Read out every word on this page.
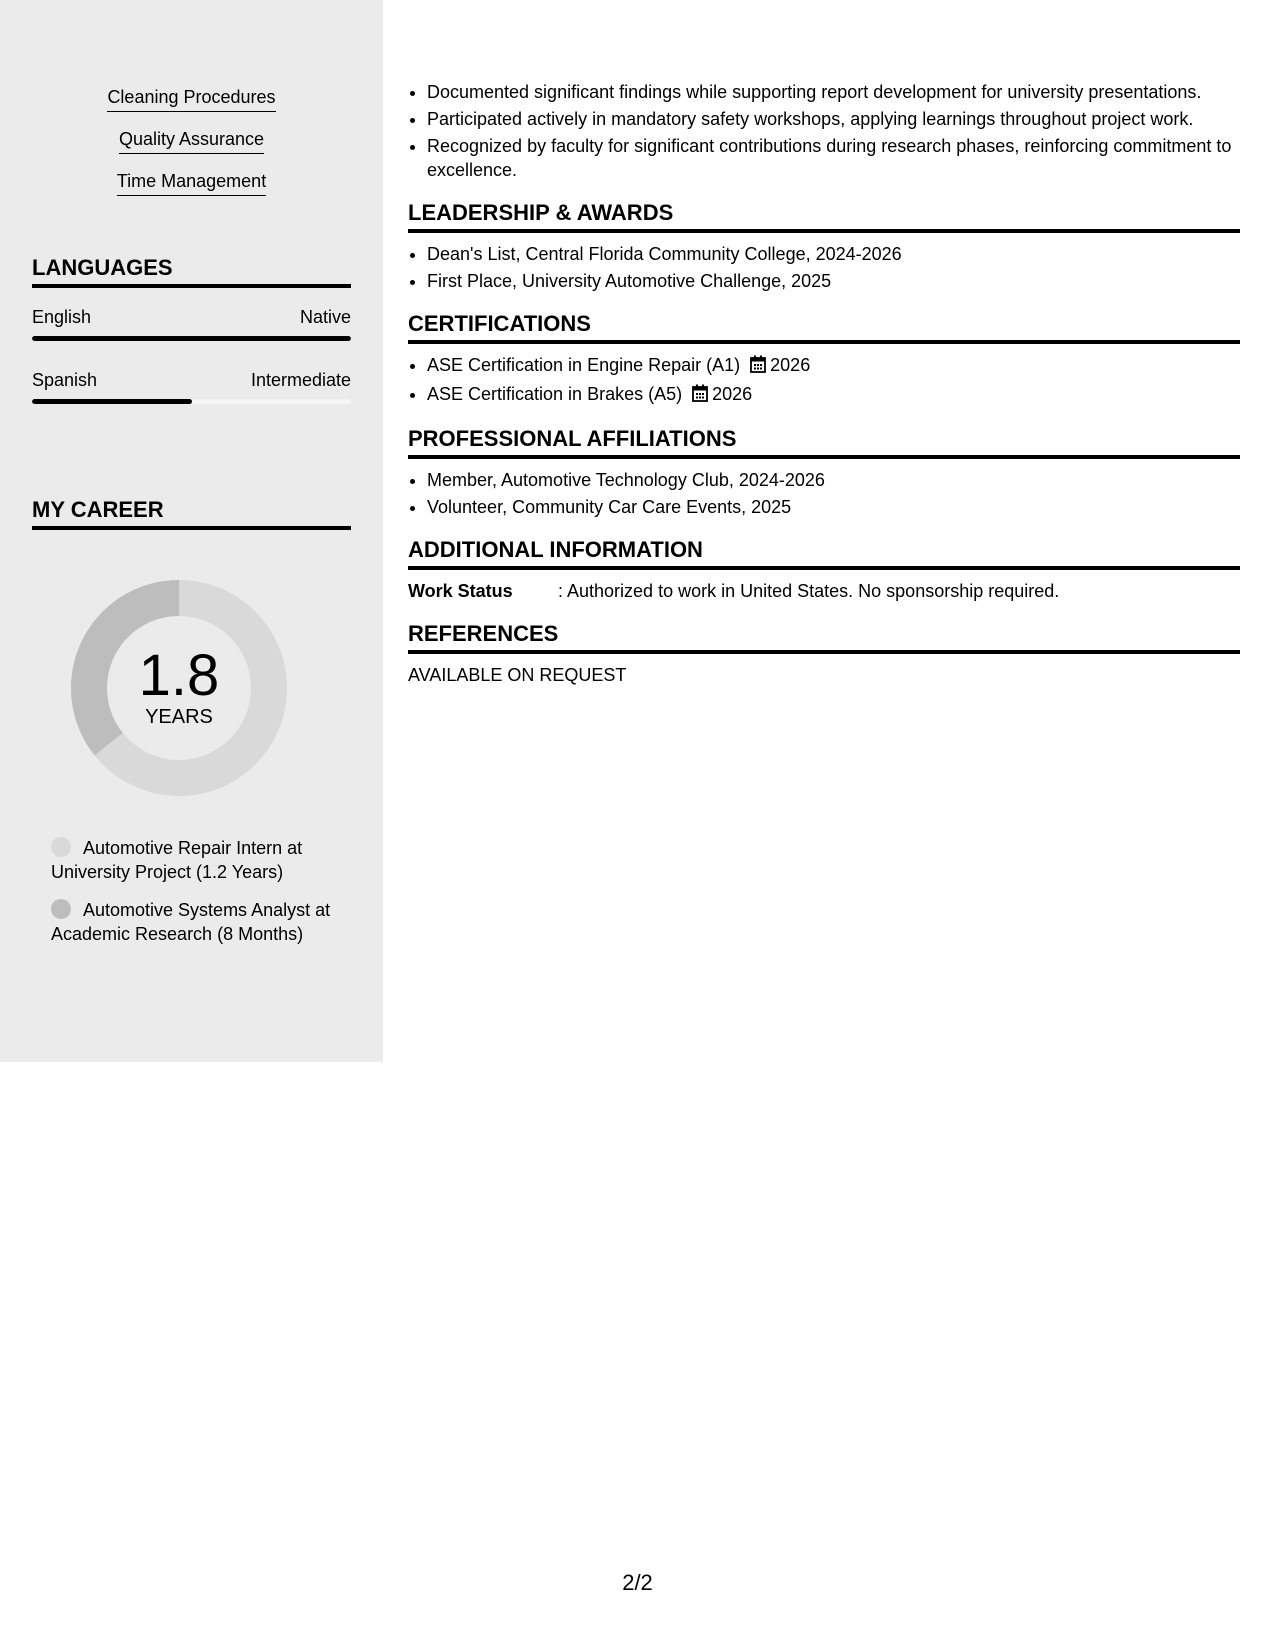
Cleaning Procedures
Quality Assurance
Time Management
LANGUAGES
English	Native
Spanish	Intermediate
MY CAREER
1.8
YEARS
Automotive Repair Intern at University Project (1.2 Years)
Automotive Systems Analyst at Academic Research (8 Months)
• Documented significant findings while supporting report development for university presentations.
• Participated actively in mandatory safety workshops, applying learnings throughout project work.
• Recognized by faculty for significant contributions during research phases, reinforcing commitment to excellence.
LEADERSHIP & AWARDS
• Dean's List, Central Florida Community College, 2024-2026
• First Place, University Automotive Challenge, 2025
CERTIFICATIONS
• ASE Certification in Engine Repair (A1) 2026
• ASE Certification in Brakes (A5) 2026
PROFESSIONAL AFFILIATIONS
• Member, Automotive Technology Club, 2024-2026
• Volunteer, Community Car Care Events, 2025
ADDITIONAL INFORMATION
Work Status	: Authorized to work in United States. No sponsorship required.
REFERENCES
AVAILABLE ON REQUEST
2/2
